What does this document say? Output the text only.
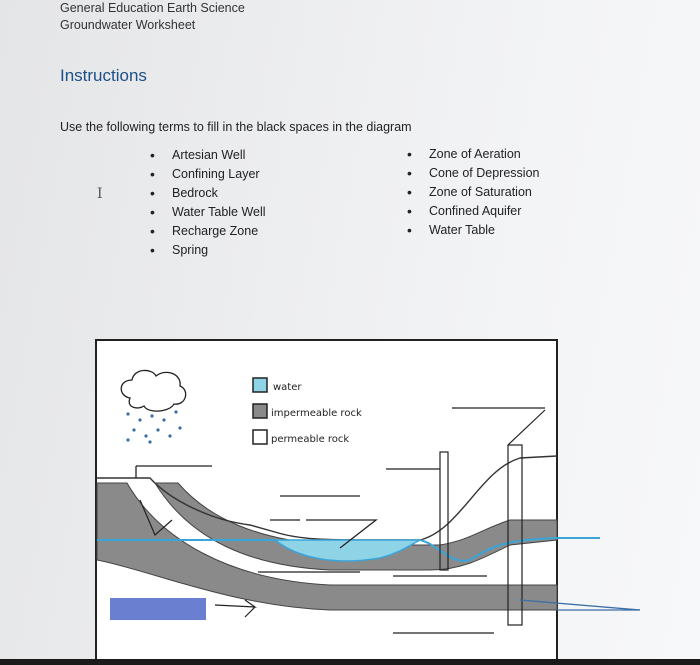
General Education Earth Science
Groundwater Worksheet
Instructions
Use the following terms to fill in the black spaces in the diagram
• Artesian Well
• Confining Layer
• Bedrock
• Water Table Well
• Recharge Zone
• Spring
• Zone of Aeration
• Cone of Depression
• Zone of Saturation
• Confined Aquifer
• Water Table
I
water
impermeable rock
permeable rock
